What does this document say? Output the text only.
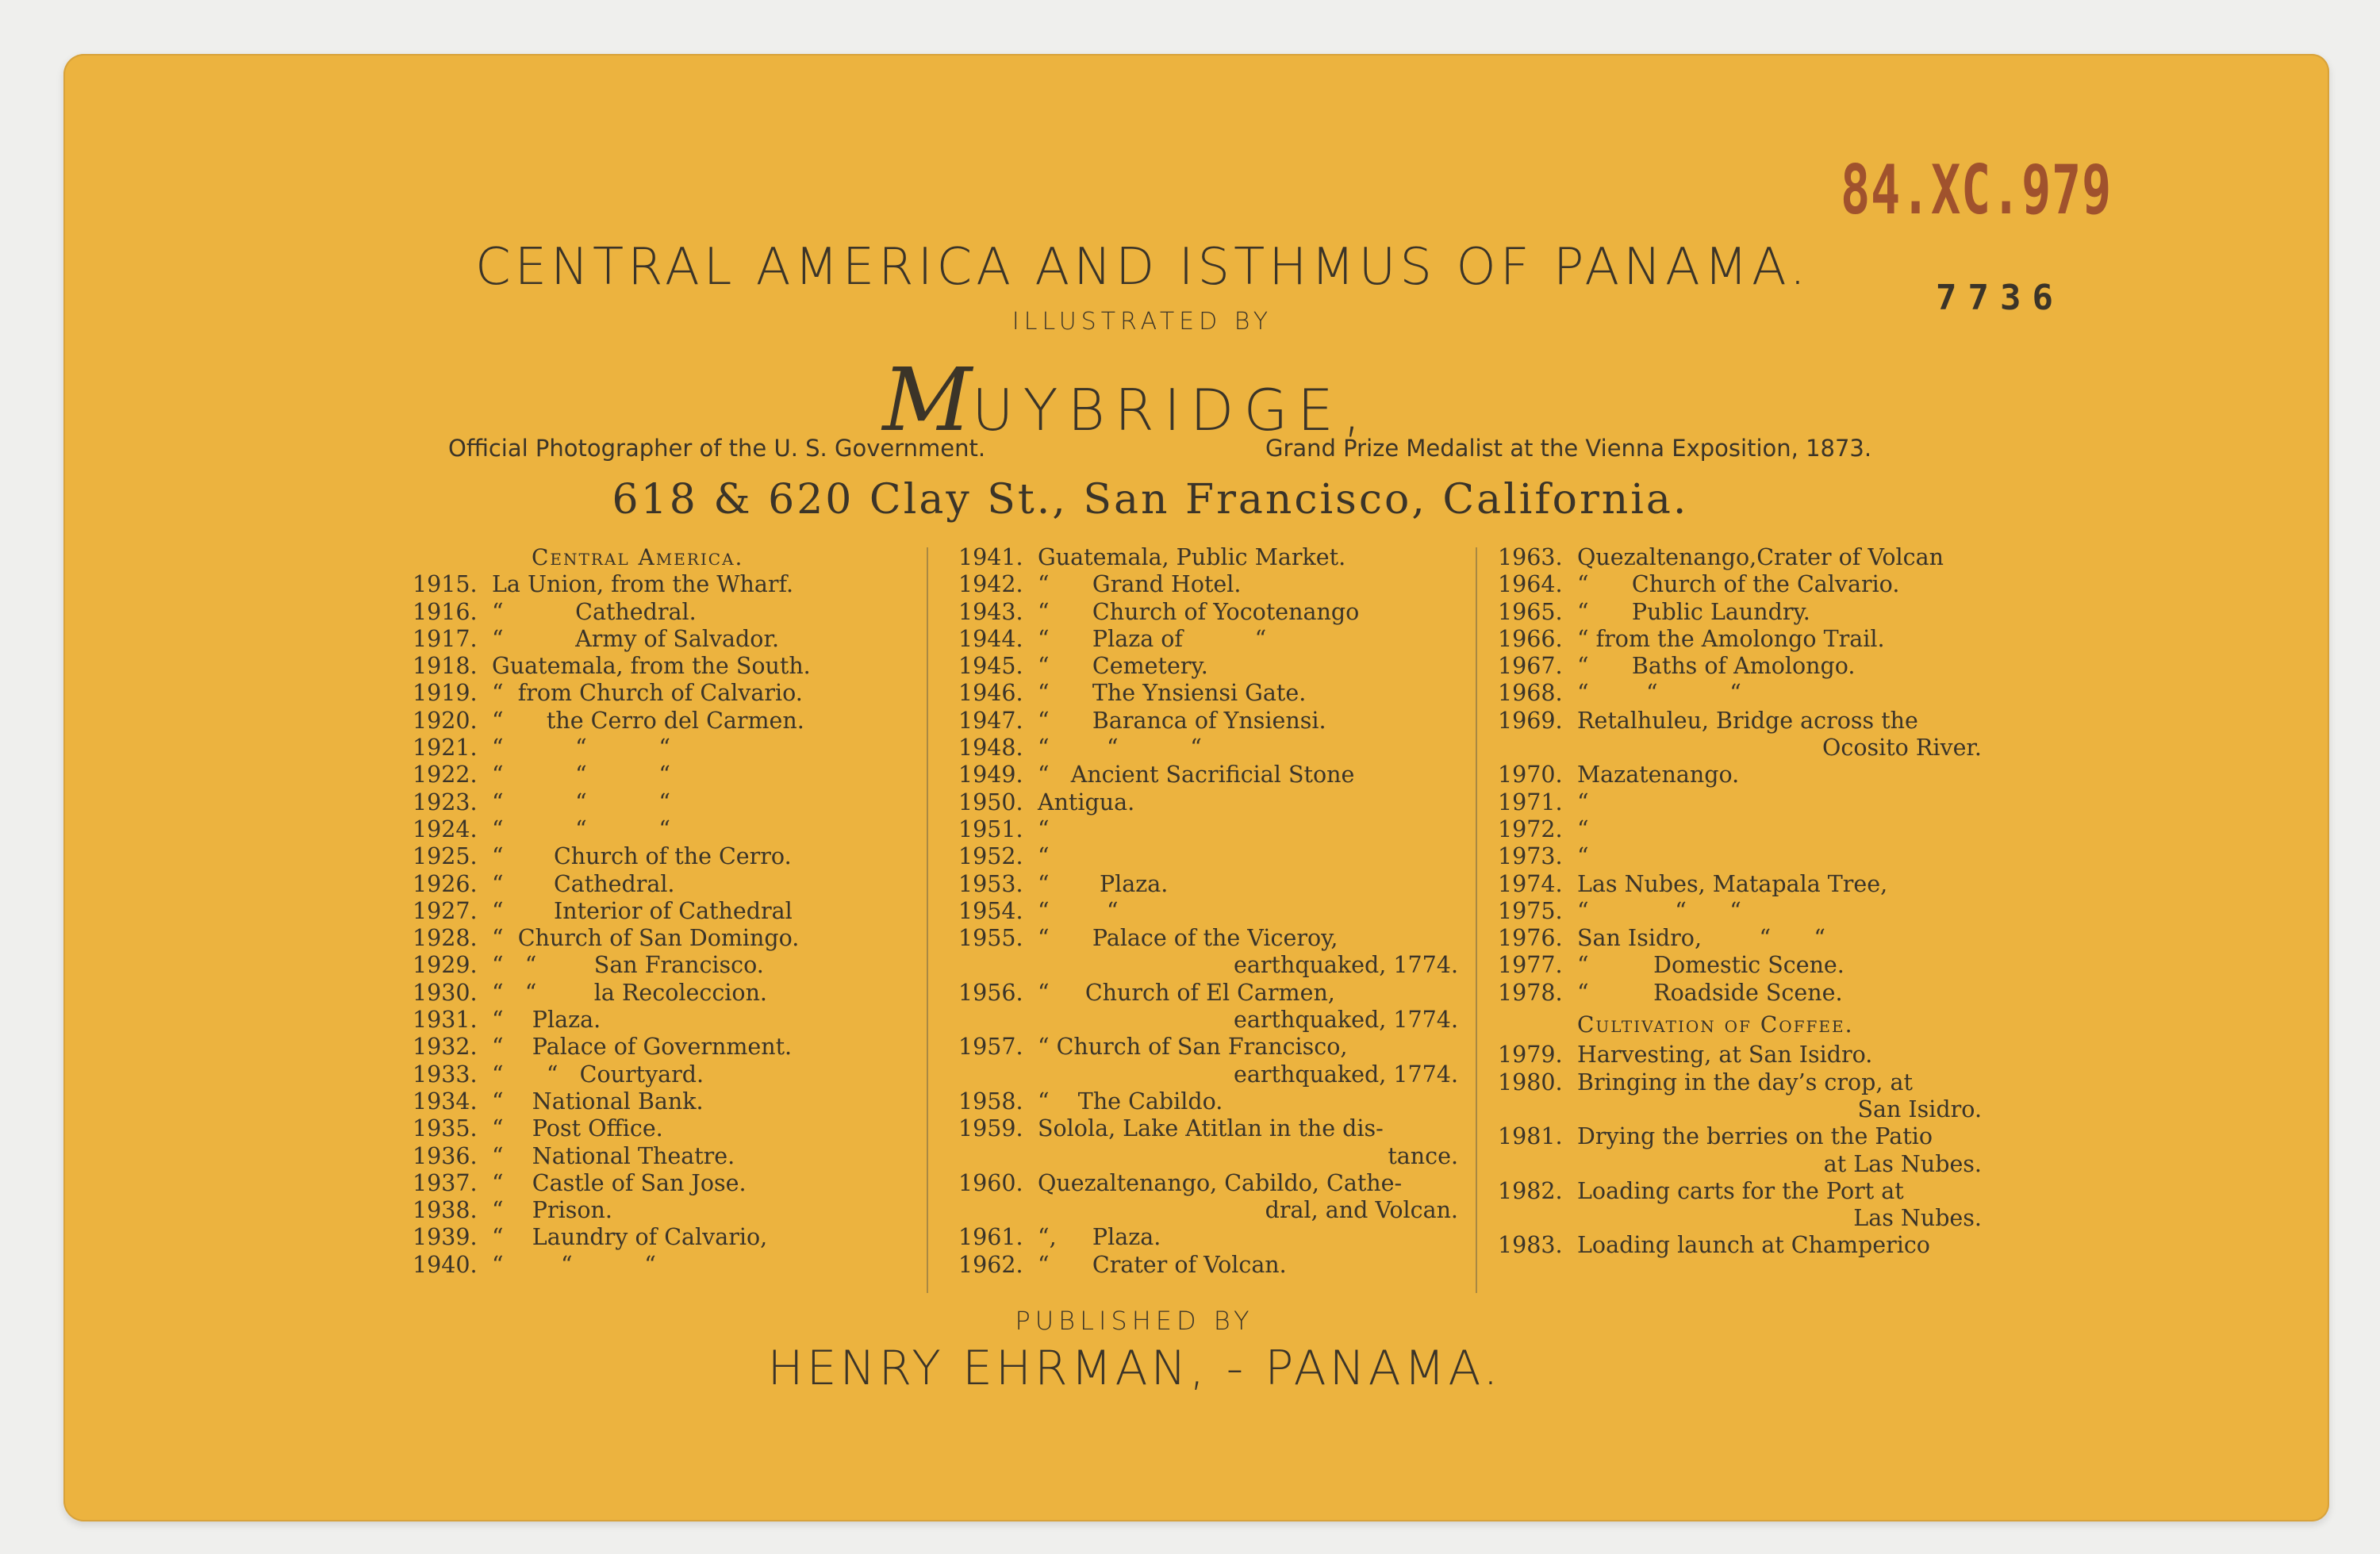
84.XC.979
7736
CENTRAL AMERICA AND ISTHMUS OF PANAMA.
ILLUSTRATED BY
MUYBRIDGE,
Official Photographer of the U. S. Government.	Grand Prize Medalist at the Vienna Exposition, 1873.
618 & 620 Clay St., San Francisco, California.
Central America.
1915. La Union, from the Wharf.
1916. “          Cathedral.
1917. “          Army of Salvador.
1918. Guatemala, from the South.
1919. “  from Church of Calvario.
1920. “      the Cerro del Carmen.
1921. “          “          “
1922. “          “          “
1923. “          “          “
1924. “          “          “
1925. “       Church of the Cerro.
1926. “       Cathedral.
1927. “       Interior of Cathedral
1928. “  Church of San Domingo.
1929. “   “        San Francisco.
1930. “   “        la Recoleccion.
1931. “    Plaza.
1932. “    Palace of Government.
1933. “      “   Courtyard.
1934. “    National Bank.
1935. “    Post Office.
1936. “    National Theatre.
1937. “    Castle of San Jose.
1938. “    Prison.
1939. “    Laundry of Calvario,
1940. “        “          “
1941. Guatemala, Public Market.
1942. “      Grand Hotel.
1943. “      Church of Yocotenango
1944. “      Plaza of          “
1945. “      Cemetery.
1946. “      The Ynsiensi Gate.
1947. “      Baranca of Ynsiensi.
1948. “        “          “
1949. “   Ancient Sacrificial Stone
1950. Antigua.
1951. “
1952. “
1953. “       Plaza.
1954. “        “
1955. “      Palace of the Viceroy,
earthquaked, 1774.
1956. “     Church of El Carmen,
earthquaked, 1774.
1957. “ Church of San Francisco,
earthquaked, 1774.
1958. “    The Cabildo.
1959. Solola, Lake Atitlan in the dis-
tance.
1960. Quezaltenango, Cabildo, Cathe-
dral, and Volcan.
1961. “,     Plaza.
1962. “      Crater of Volcan.
1963. Quezaltenango,Crater of Volcan
1964. “      Church of the Calvario.
1965. “      Public Laundry.
1966. “ from the Amolongo Trail.
1967. “      Baths of Amolongo.
1968. “        “          “
1969. Retalhuleu, Bridge across the
Ocosito River.
1970. Mazatenango.
1971. “
1972. “
1973. “
1974. Las Nubes, Matapala Tree,
1975. “            “      “
1976. San Isidro,        “      “
1977. “         Domestic Scene.
1978. “         Roadside Scene.
Cultivation of Coffee.
1979. Harvesting, at San Isidro.
1980. Bringing in the day’s crop, at
San Isidro.
1981. Drying the berries on the Patio
at Las Nubes.
1982. Loading carts for the Port at
Las Nubes.
1983. Loading launch at Champerico
PUBLISHED BY
HENRY EHRMAN, - PANAMA.
